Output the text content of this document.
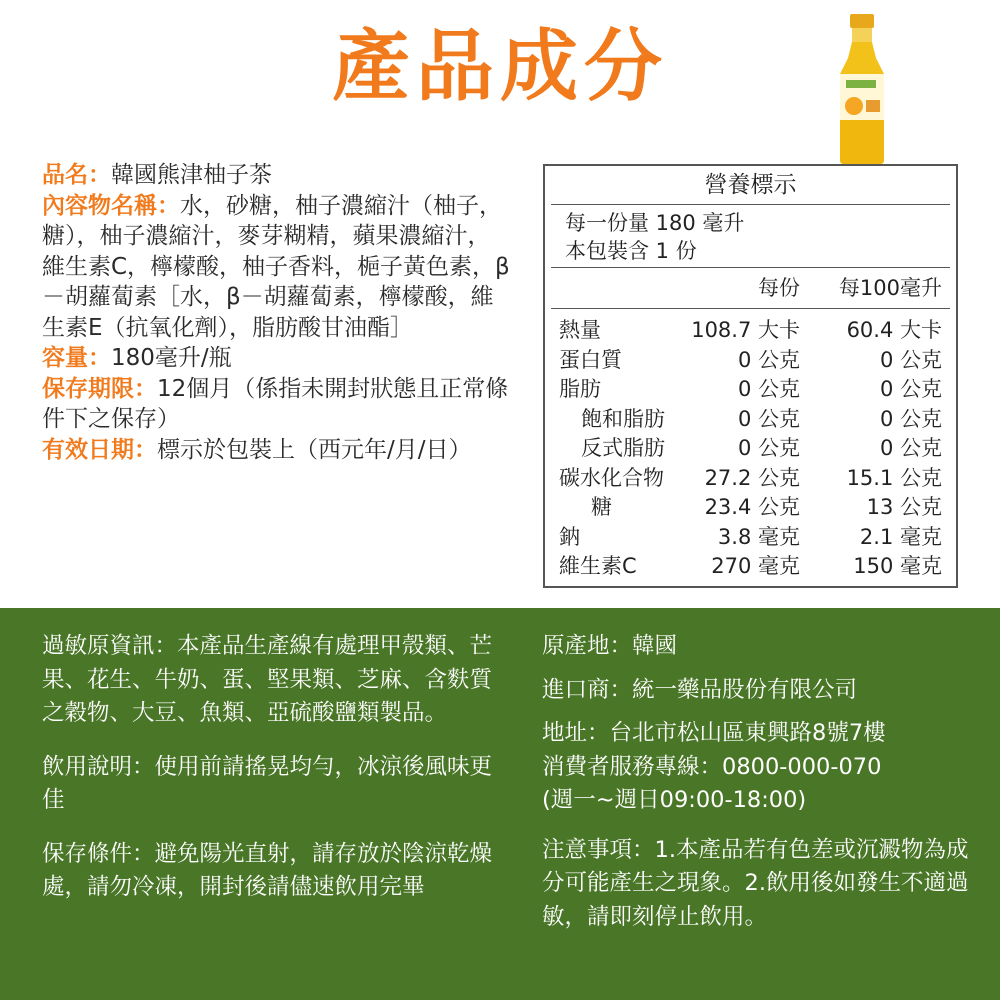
產品成分

品名：韓國熊津柚子茶

內容物名稱：水，砂糖，柚子濃縮汁（柚子，糖），柚子濃縮汁，麥芽糊精，蘋果濃縮汁，維生素C，檸檬酸，柚子香料，梔子黃色素，β－胡蘿蔔素［水，β－胡蘿蔔素，檸檬酸，維生素E（抗氧化劑），脂肪酸甘油酯］

容量：180毫升/瓶

保存期限：12個月（係指未開封狀態且正常條件下之保存）

有效日期：標示於包裝上（西元年/月/日）

營養標示
每一份量 180 毫升
本包裝含 1 份
每份 每100毫升
熱量	108.7 大卡 60.4 大卡
蛋白質	0 公克	0 公克
脂肪	0 公克	0 公克
飽和脂肪	0 公克	0 公克
反式脂肪	0 公克	0 公克
碳水化合物 27.2 公克 15.1 公克
糖	23.4 公克	13 公克
鈉	3.8 毫克	2.1 毫克
維生素C	270 毫克	150 毫克

過敏原資訊：本產品生產線有處理甲殼類、芒果、花生、牛奶、蛋、堅果類、芝麻、含麩質之穀物、大豆、魚類、亞硫酸鹽類製品。

飲用說明：使用前請搖晃均勻，冰涼後風味更佳

保存條件：避免陽光直射，請存放於陰涼乾燥處，請勿冷凍，開封後請儘速飲用完畢

原產地：韓國

進口商：統一藥品股份有限公司

地址：台北市松山區東興路8號7樓

消費者服務專線：0800-000-070

(週一~週日09:00-18:00)

注意事項：1.本產品若有色差或沉澱物為成分可能產生之現象。2.飲用後如發生不適過敏，請即刻停止飲用。
